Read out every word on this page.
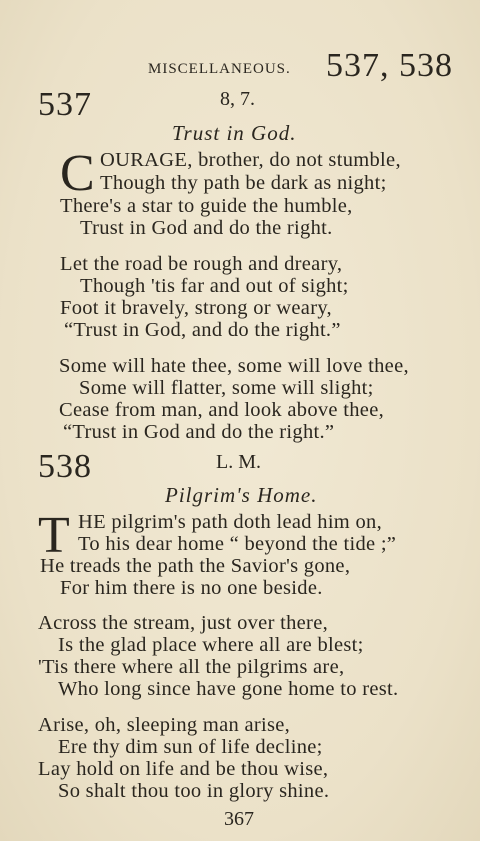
MISCELLANEOUS. 537, 538
537	8, 7.
Trust in God.
C OURAGE, brother, do not stumble,
Though thy path be dark as night;
There's a star to guide the humble,
Trust in God and do the right.
Let the road be rough and dreary,
Though 'tis far and out of sight;
Foot it bravely, strong or weary,
“Trust in God, and do the right.”
Some will hate thee, some will love thee,
Some will flatter, some will slight;
Cease from man, and look above thee,
“Trust in God and do the right.”
538	L. M.
Pilgrim's Home.
T HE pilgrim's path doth lead him on,
To his dear home “ beyond the tide ;”
He treads the path the Savior's gone,
For him there is no one beside.
Across the stream, just over there,
Is the glad place where all are blest;
'Tis there where all the pilgrims are,
Who long since have gone home to rest.
Arise, oh, sleeping man arise,
Ere thy dim sun of life decline;
Lay hold on life and be thou wise,
So shalt thou too in glory shine.
367
